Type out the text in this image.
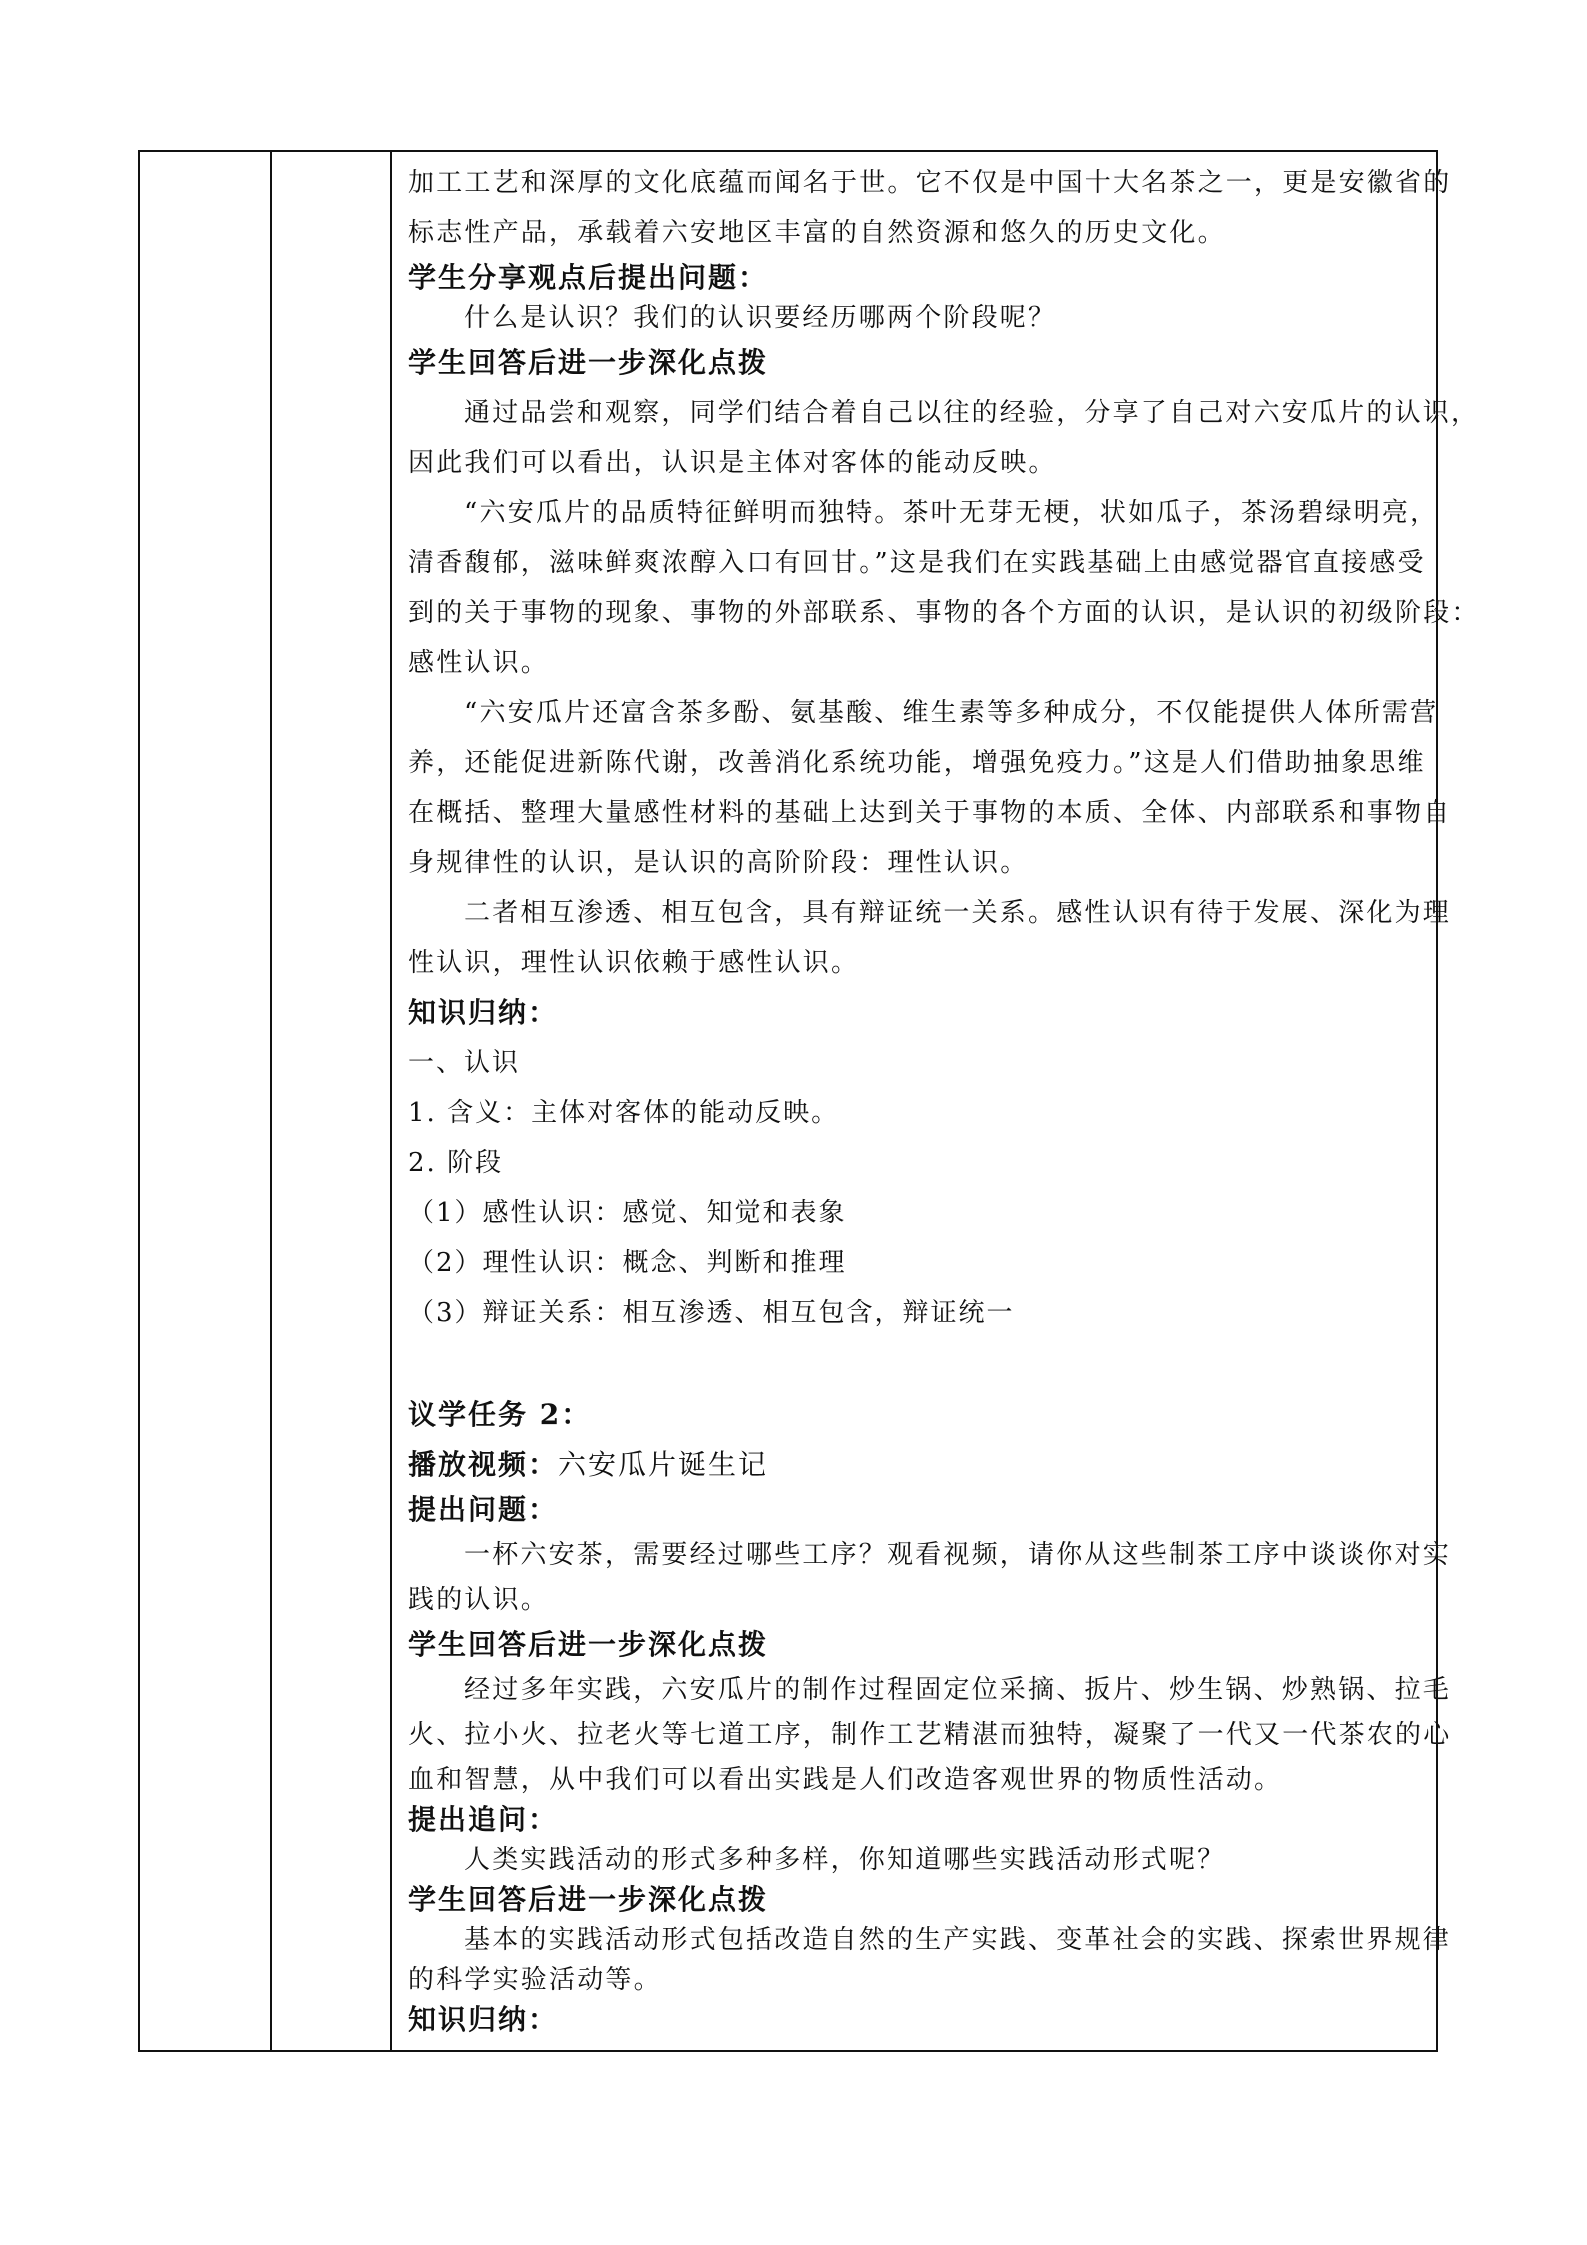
加工工艺和深厚的文化底蕴而闻名于世。它不仅是中国十大名茶之一，更是安徽省的
标志性产品，承载着六安地区丰富的自然资源和悠久的历史文化。
学生分享观点后提出问题：
什么是认识？我们的认识要经历哪两个阶段呢？
学生回答后进一步深化点拨
通过品尝和观察，同学们结合着自己以往的经验，分享了自己对六安瓜片的认识，
因此我们可以看出，认识是主体对客体的能动反映。
“六安瓜片的品质特征鲜明而独特。茶叶无芽无梗，状如瓜子，茶汤碧绿明亮，
清香馥郁，滋味鲜爽浓醇入口有回甘。”这是我们在实践基础上由感觉器官直接感受
到的关于事物的现象、事物的外部联系、事物的各个方面的认识，是认识的初级阶段：
感性认识。
“六安瓜片还富含茶多酚、氨基酸、维生素等多种成分，不仅能提供人体所需营
养，还能促进新陈代谢，改善消化系统功能，增强免疫力。”这是人们借助抽象思维
在概括、整理大量感性材料的基础上达到关于事物的本质、全体、内部联系和事物自
身规律性的认识，是认识的高阶阶段：理性认识。
二者相互渗透、相互包含，具有辩证统一关系。感性认识有待于发展、深化为理
性认识，理性认识依赖于感性认识。
知识归纳：
一、认识
1. 含义：主体对客体的能动反映。
2. 阶段
（1）感性认识：感觉、知觉和表象
（2）理性认识：概念、判断和推理
（3）辩证关系：相互渗透、相互包含，辩证统一
议学任务 2：
播放视频：六安瓜片诞生记
提出问题：
一杯六安茶，需要经过哪些工序？观看视频，请你从这些制茶工序中谈谈你对实
践的认识。
学生回答后进一步深化点拨
经过多年实践，六安瓜片的制作过程固定位采摘、扳片、炒生锅、炒熟锅、拉毛
火、拉小火、拉老火等七道工序，制作工艺精湛而独特，凝聚了一代又一代茶农的心
血和智慧，从中我们可以看出实践是人们改造客观世界的物质性活动。
提出追问：
人类实践活动的形式多种多样，你知道哪些实践活动形式呢？
学生回答后进一步深化点拨
基本的实践活动形式包括改造自然的生产实践、变革社会的实践、探索世界规律
的科学实验活动等。
知识归纳：
